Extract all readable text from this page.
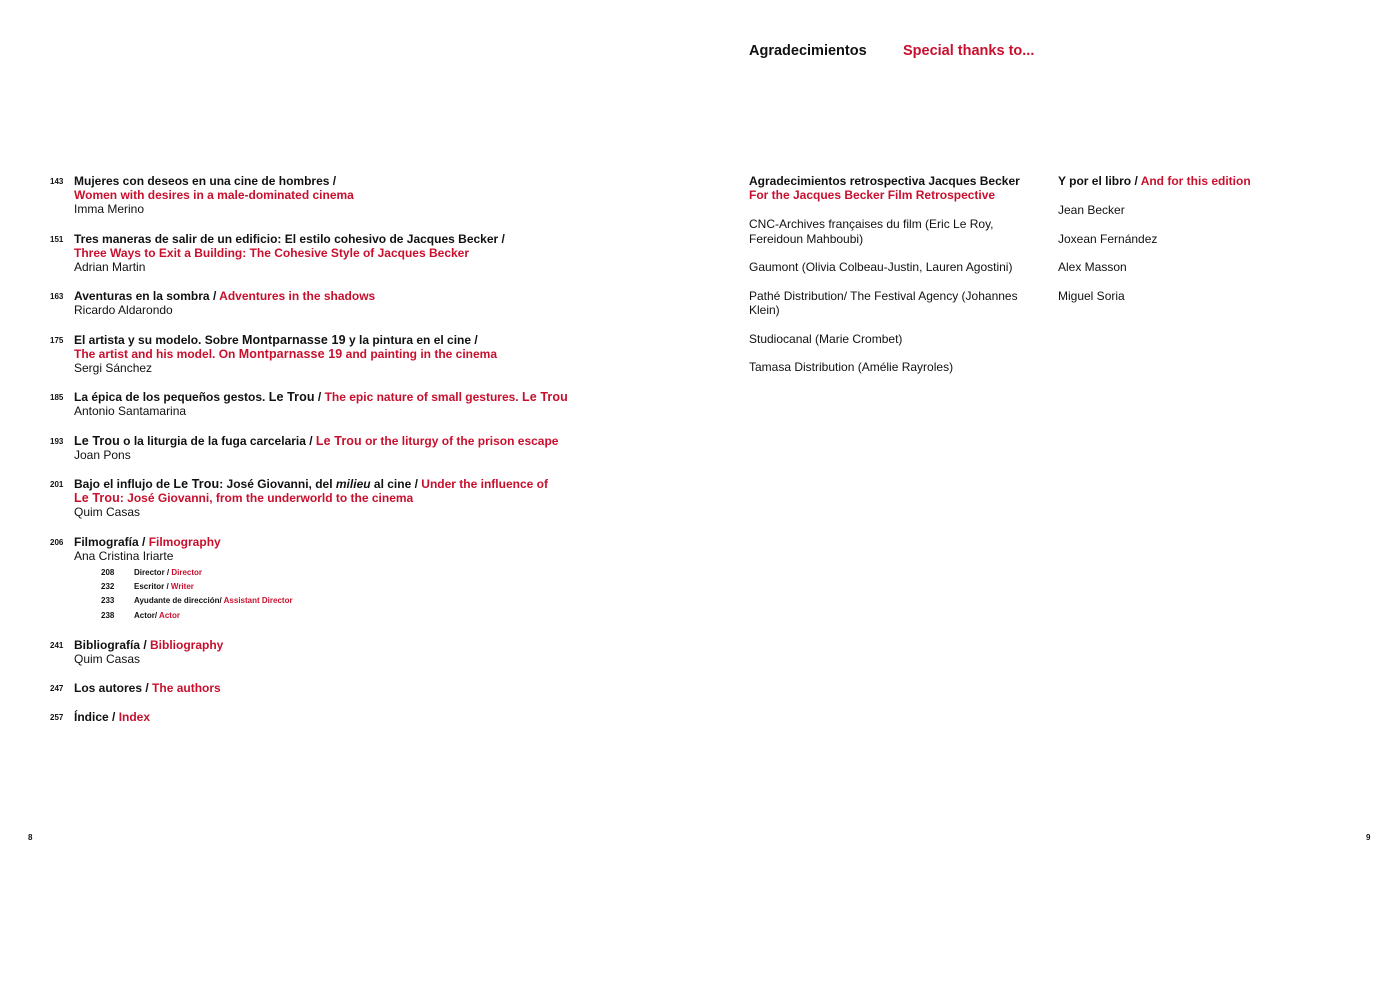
143 Mujeres con deseos en una cine de hombres /
Women with desires in a male-dominated cinema
Imma Merino
151 Tres maneras de salir de un edificio: El estilo cohesivo de Jacques Becker /
Three Ways to Exit a Building: The Cohesive Style of Jacques Becker
Adrian Martin
163 Aventuras en la sombra / Adventures in the shadows
Ricardo Aldarondo
175 El artista y su modelo. Sobre Montparnasse 19 y la pintura en el cine /
The artist and his model. On Montparnasse 19 and painting in the cinema
Sergi Sánchez
185 La épica de los pequeños gestos. Le Trou / The epic nature of small gestures. Le Trou
Antonio Santamarina
193 Le Trou o la liturgia de la fuga carcelaria / Le Trou or the liturgy of the prison escape
Joan Pons
201 Bajo el influjo de Le Trou: José Giovanni, del milieu al cine / Under the influence of
Le Trou: José Giovanni, from the underworld to the cinema
Quim Casas
206 Filmografía / Filmography
Ana Cristina Iriarte
208 Director / Director
232 Escritor / Writer
233 Ayudante de dirección/ Assistant Director
238 Actor/ Actor
241 Bibliografía / Bibliography
Quim Casas
247 Los autores / The authors
257 Índice / Index
8
Agradecimientos	Special thanks to...
Agradecimientos retrospectiva Jacques Becker
For the Jacques Becker Film Retrospective
CNC-Archives françaises du film (Eric Le Roy, Fereidoun Mahboubi)
Gaumont (Olivia Colbeau-Justin, Lauren Agostini)
Pathé Distribution/ The Festival Agency (Johannes Klein)
Studiocanal (Marie Crombet)
Tamasa Distribution (Amélie Rayroles)
Y por el libro / And for this edition
Jean Becker
Joxean Fernández
Alex Masson
Miguel Soria
9
